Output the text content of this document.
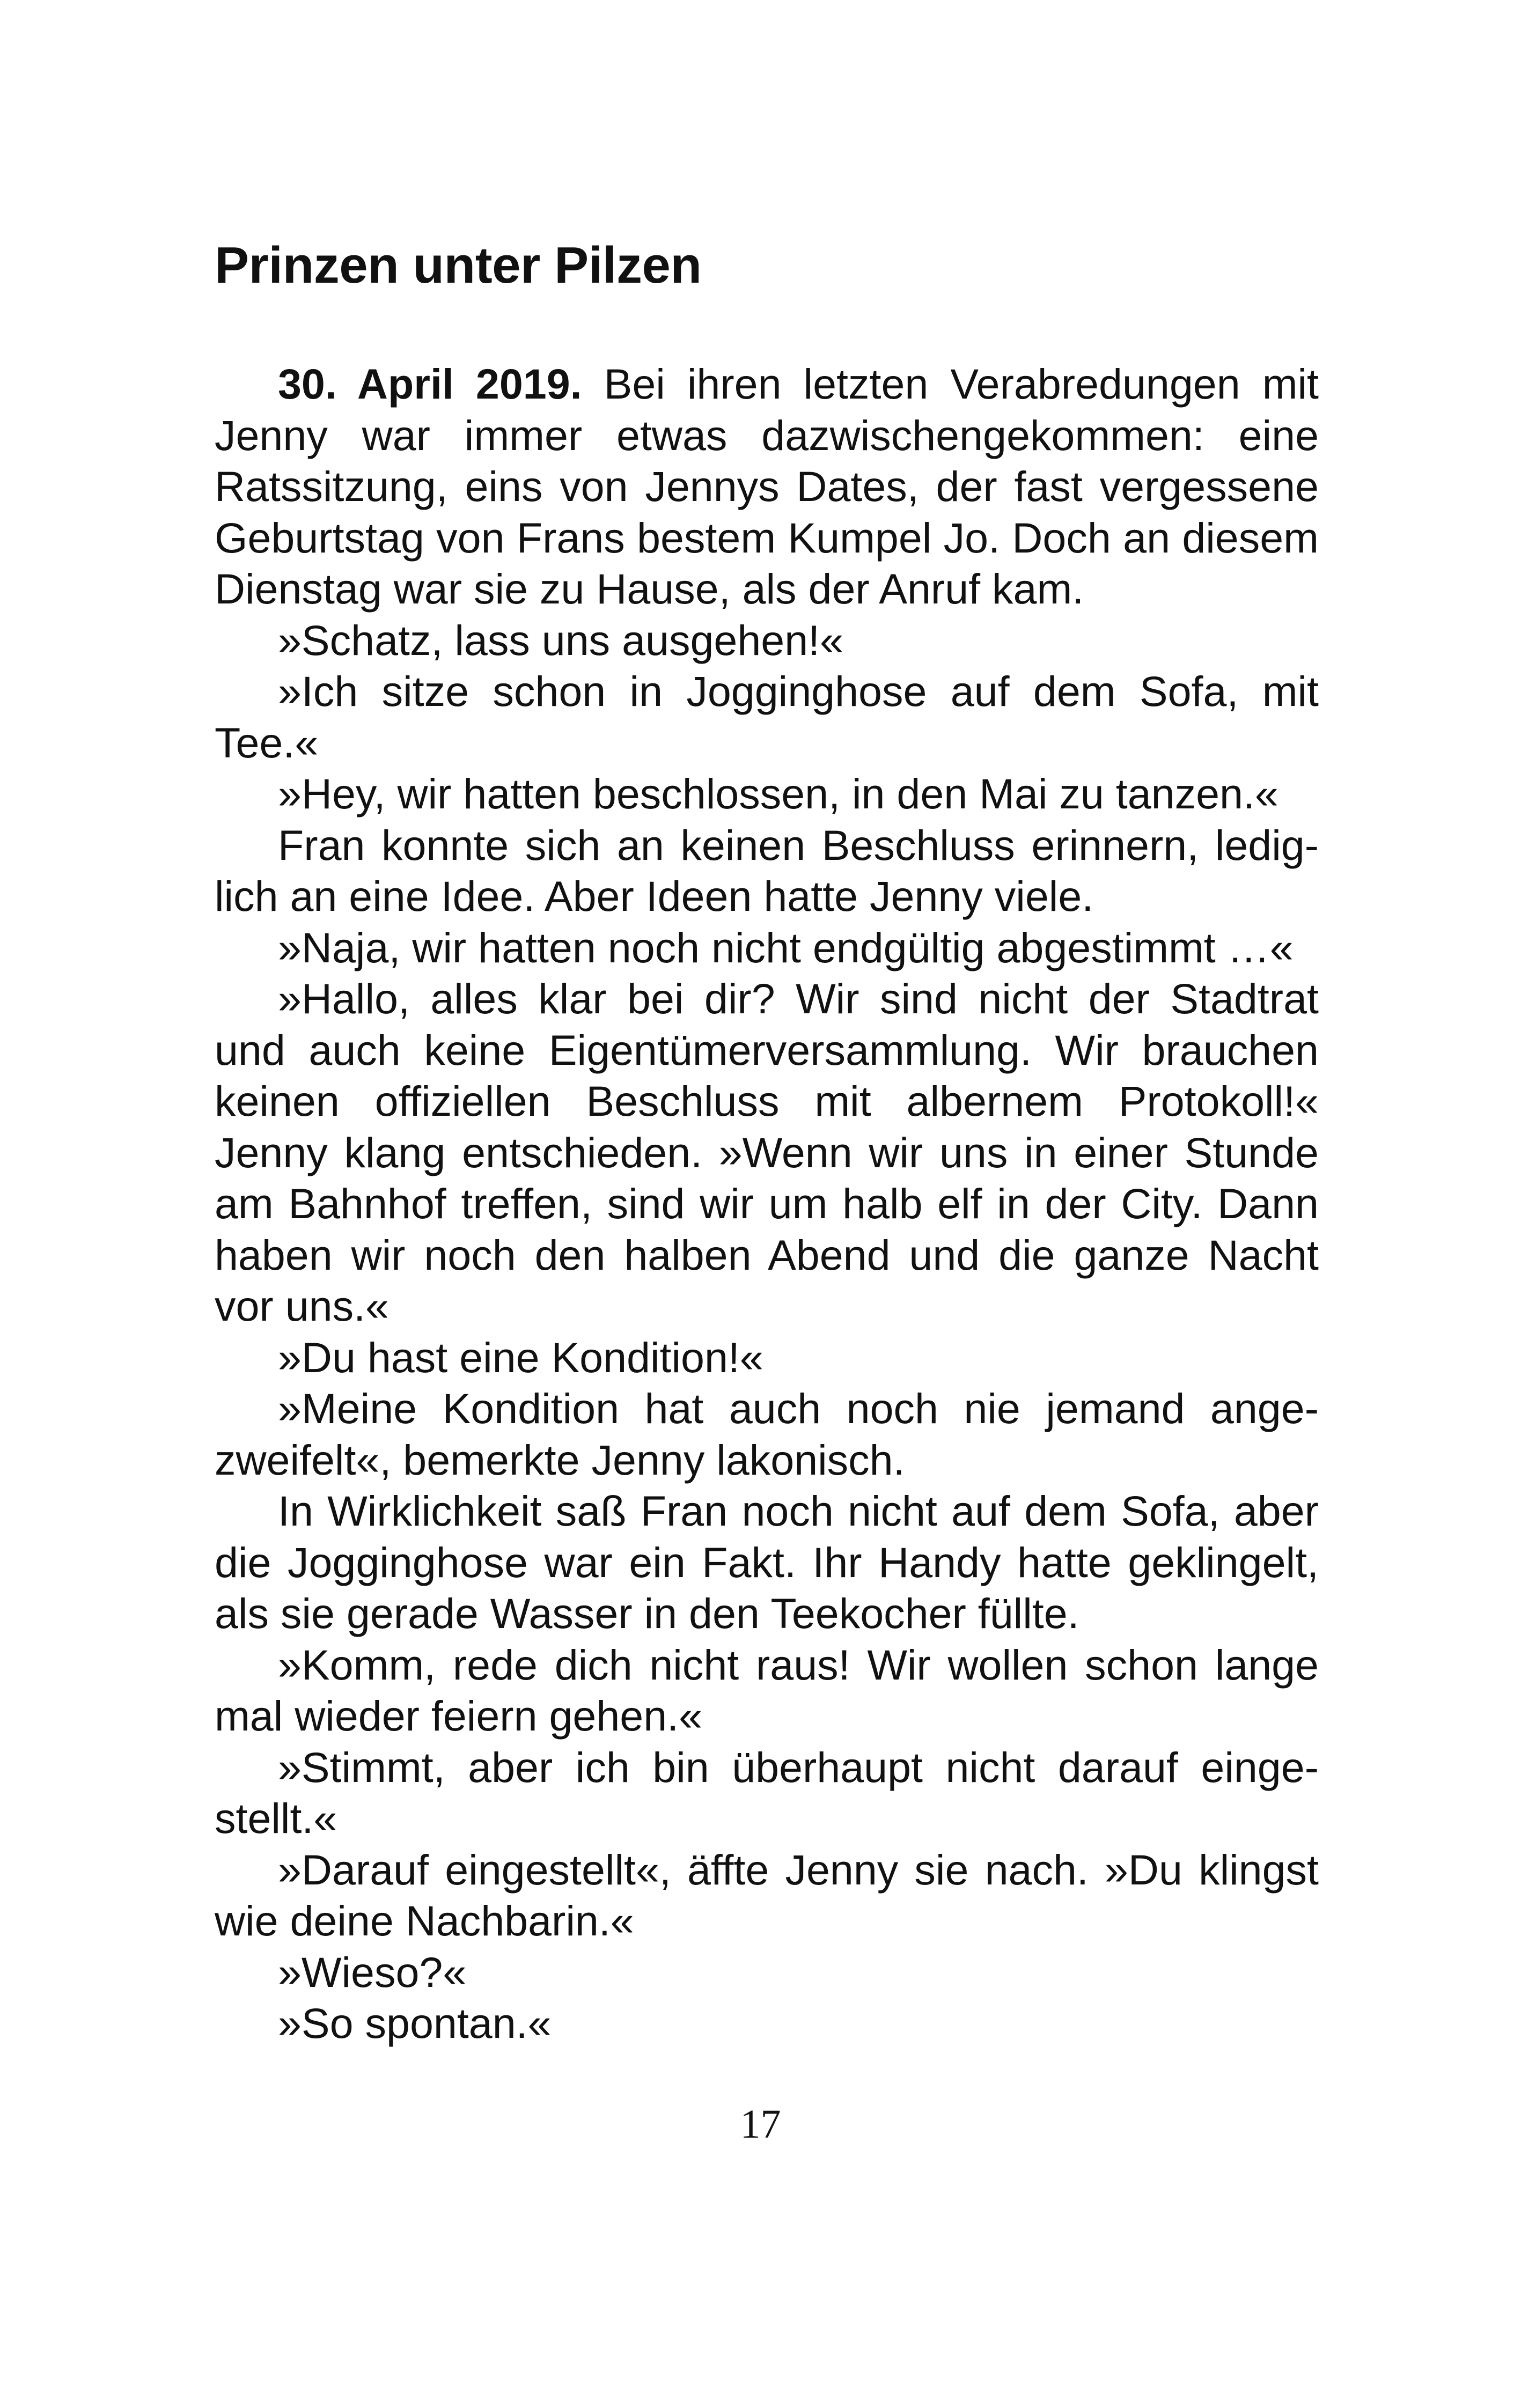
Prinzen unter Pilzen

30. April 2019. Bei ihren letzten Verabredungen mit Jenny war immer etwas dazwischengekommen: eine Ratssitzung, eins von Jennys Dates, der fast vergessene Geburtstag von Frans bestem Kumpel Jo. Doch an diesem Dienstag war sie zu Hause, als der Anruf kam.

»Schatz, lass uns ausgehen!«

»Ich sitze schon in Jogginghose auf dem Sofa, mit Tee.«

»Hey, wir hatten beschlossen, in den Mai zu tanzen.«

Fran konnte sich an keinen Beschluss erinnern, lediglich an eine Idee. Aber Ideen hatte Jenny viele.

»Naja, wir hatten noch nicht endgültig abgestimmt …«

»Hallo, alles klar bei dir? Wir sind nicht der Stadtrat und auch keine Eigentümerversammlung. Wir brauchen keinen offiziellen Beschluss mit albernem Protokoll!« Jenny klang entschieden. »Wenn wir uns in einer Stunde am Bahnhof treffen, sind wir um halb elf in der City. Dann haben wir noch den halben Abend und die ganze Nacht vor uns.«

»Du hast eine Kondition!«

»Meine Kondition hat auch noch nie jemand angezweifelt«, bemerkte Jenny lakonisch.

In Wirklichkeit saß Fran noch nicht auf dem Sofa, aber die Jogginghose war ein Fakt. Ihr Handy hatte geklingelt, als sie gerade Wasser in den Teekocher füllte.

»Komm, rede dich nicht raus! Wir wollen schon lange mal wieder feiern gehen.«

»Stimmt, aber ich bin überhaupt nicht darauf eingestellt.«

»Darauf eingestellt«, äffte Jenny sie nach. »Du klingst wie deine Nachbarin.«

»Wieso?«

»So spontan.«

17
